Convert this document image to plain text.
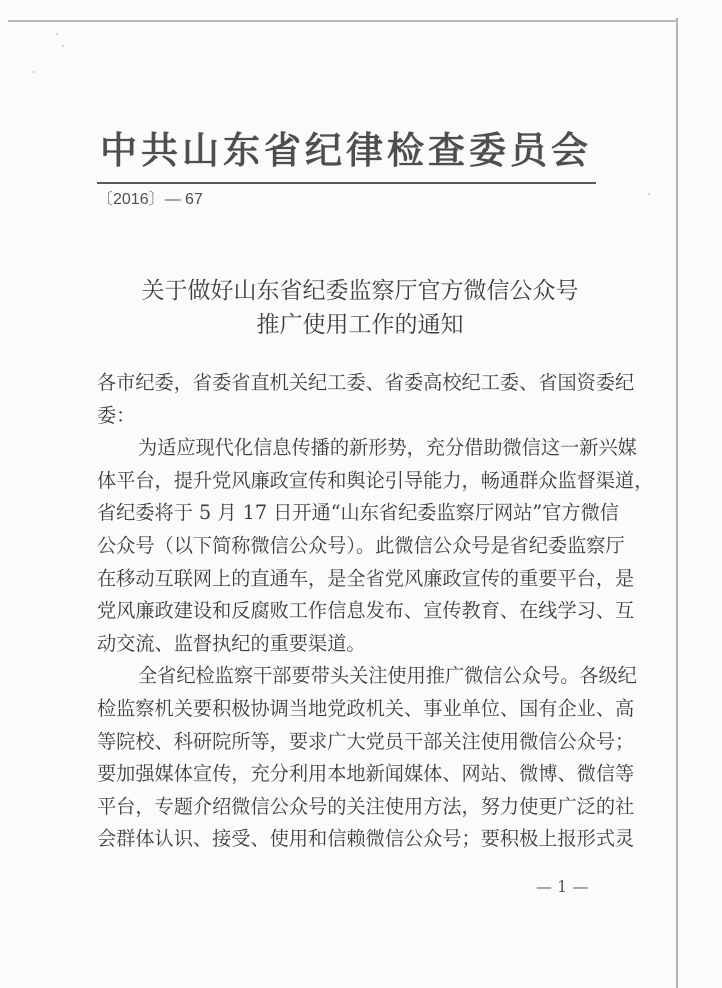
中共山东省纪律检查委员会
〔2016〕— 67
关于做好山东省纪委监察厅官方微信公众号
推广使用工作的通知
各市纪委，省委省直机关纪工委、省委高校纪工委、省国资委纪
委：
为适应现代化信息传播的新形势，充分借助微信这一新兴媒
体平台，提升党风廉政宣传和舆论引导能力，畅通群众监督渠道，
省纪委将于 5 月 17 日开通“山东省纪委监察厅网站”官方微信
公众号（以下简称微信公众号）。此微信公众号是省纪委监察厅
在移动互联网上的直通车，是全省党风廉政宣传的重要平台，是
党风廉政建设和反腐败工作信息发布、宣传教育、在线学习、互
动交流、监督执纪的重要渠道。
全省纪检监察干部要带头关注使用推广微信公众号。各级纪
检监察机关要积极协调当地党政机关、事业单位、国有企业、高
等院校、科研院所等，要求广大党员干部关注使用微信公众号；
要加强媒体宣传，充分利用本地新闻媒体、网站、微博、微信等
平台，专题介绍微信公众号的关注使用方法，努力使更广泛的社
会群体认识、接受、使用和信赖微信公众号；要积极上报形式灵
— 1 —
